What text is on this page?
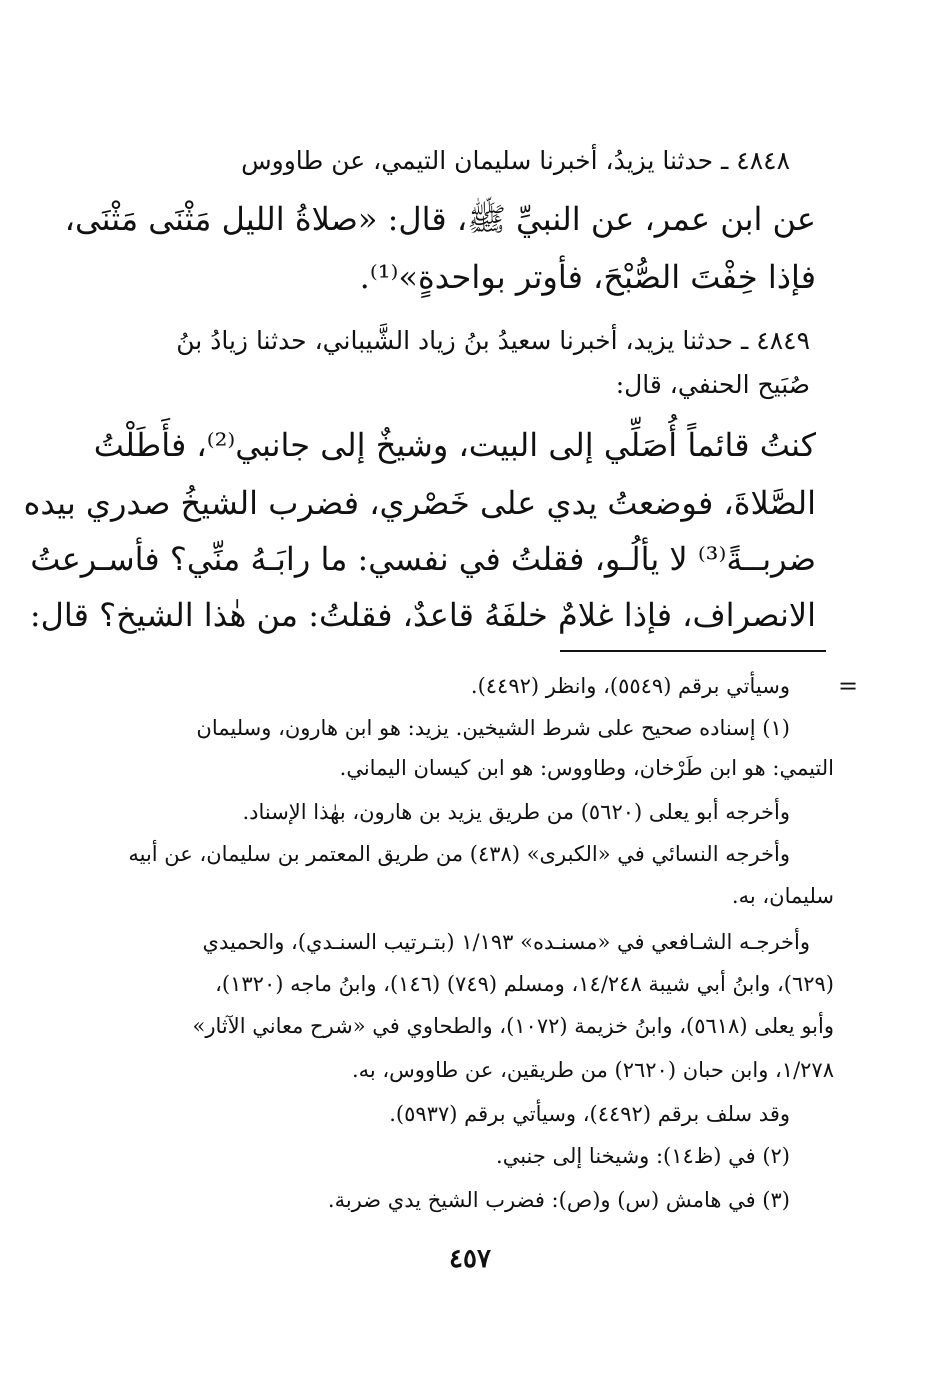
٤٨٤٨ ـ حدثنا يزيدُ، أخبرنا سليمان التيمي، عن طاووس
عن ابن عمر، عن النبيِّ ﷺ، قال: «صلاةُ الليل مَثْنَى مَثْنَى،
فإذا خِفْتَ الصُّبْحَ، فأوتر بواحدةٍ»⁽¹⁾.
٤٨٤٩ ـ حدثنا يزيد، أخبرنا سعيدُ بنُ زياد الشَّيباني، حدثنا زيادُ بنُ
صُبَيح الحنفي، قال:
كنتُ قائماً أُصَلِّي إلى البيت، وشيخٌ إلى جانبي⁽²⁾، فأَطَلْتُ
الصَّلاةَ، فوضعتُ يدي على خَصْري، فضرب الشيخُ صدري بيده
ضربــةً⁽³⁾ لا يألُـو، فقلتُ في نفسي: ما رابَـهُ منِّي؟ فأسـرعتُ
الانصراف، فإذا غلامٌ خلفَهُ قاعدٌ، فقلتُ: من هٰذا الشيخ؟ قال:
=
وسيأتي برقم (٥٥٤٩)، وانظر (٤٤٩٢).
(١) إسناده صحيح على شرط الشيخين. يزيد: هو ابن هارون، وسليمان
التيمي: هو ابن طَرْخان، وطاووس: هو ابن كيسان اليماني.
وأخرجه أبو يعلى (٥٦٢٠) من طريق يزيد بن هارون، بهٰذا الإسناد.
وأخرجه النسائي في «الكبرى» (٤٣٨) من طريق المعتمر بن سليمان، عن أبيه
سليمان، به.
وأخرجـه الشـافعي في «مسنـده» ١/١٩٣ (بتـرتيب السنـدي)، والحميدي
(٦٢٩)، وابنُ أبي شيبة ١٤/٢٤٨، ومسلم (٧٤٩) (١٤٦)، وابنُ ماجه (١٣٢٠)،
وأبو يعلى (٥٦١٨)، وابنُ خزيمة (١٠٧٢)، والطحاوي في «شرح معاني الآثار»
١/٢٧٨، وابن حبان (٢٦٢٠) من طريقين، عن طاووس، به.
وقد سلف برقم (٤٤٩٢)، وسيأتي برقم (٥٩٣٧).
(٢) في (ظ١٤): وشيخنا إلى جنبي.
(٣) في هامش (س) و(ص): فضرب الشيخ يدي ضربة.
٤٥٧
